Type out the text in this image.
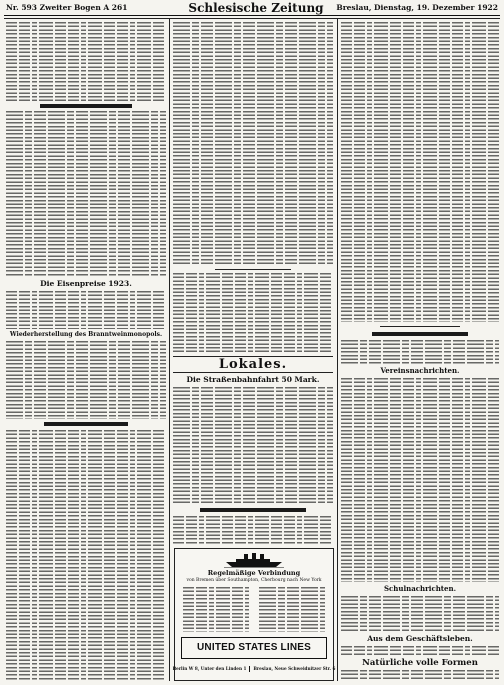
Nr. 593 Zweiter Bogen A 261	Schlesische Zeitung	Breslau, Dienstag, 19. Dezember 1922
Die Eisenpreise 1923.
Wiederherstellung des Branntweinmonopols.
Lokales.
Die Straßenbahnfahrt 50 Mark.
Regelmäßige Verbindung
von Bremen über Southampton, Cherbourg nach New York
UNITED STATES LINES
Berlin W 8, Unter den Linden 1 Breslau, Neue Schweidnitzer Str. 6
Vereinsnachrichten.
Schulnachrichten.
Aus dem Geschäftsleben.
Natürliche volle Formen
